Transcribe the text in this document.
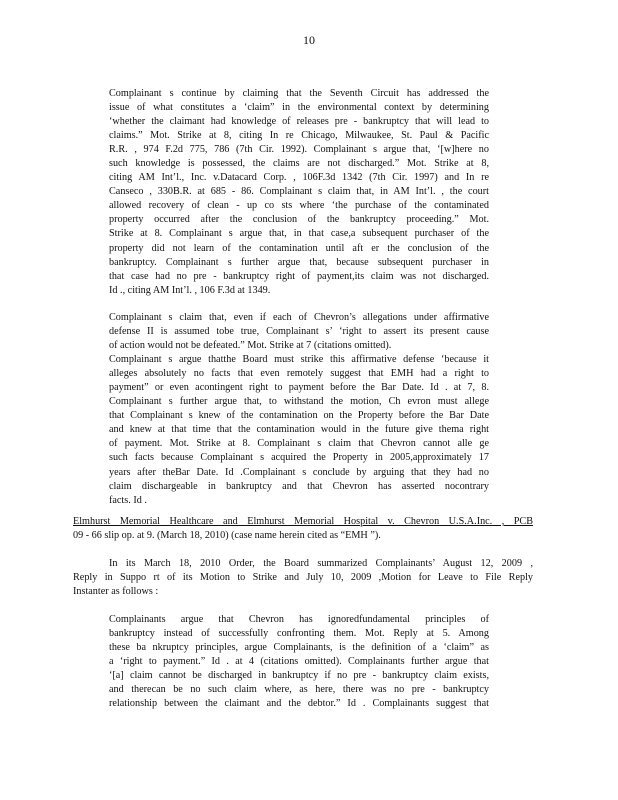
10
Complainant s continue by claiming that the Seventh Circuit has addressed the
issue of what constitutes a ‘claim” in the environmental context by determining
‘whether the claimant had knowledge of releases pre - bankruptcy that will lead to
claims.” Mot. Strike at 8, citing In re Chicago, Milwaukee, St. Paul & Pacific
R.R. , 974 F.2d 775, 786 (7th Cir. 1992). Complainant s argue that, ‘[w]here no
such knowledge is possessed, the claims are not discharged.” Mot. Strike at 8,
citing AM Int’l., Inc. v.Datacard Corp. , 106F.3d 1342 (7th Cir. 1997) and In re
Canseco , 330B.R. at 685 - 86. Complainant s claim that, in AM Int’l. , the court
allowed recovery of clean - up co sts where ‘the purchase of the contaminated
property occurred after the conclusion of the bankruptcy proceeding.” Mot.
Strike at 8. Complainant s argue that, in that case,a subsequent purchaser of the
property did not learn of the contamination until aft er the conclusion of the
bankruptcy. Complainant s further argue that, because subsequent purchaser in
that case had no pre - bankruptcy right of payment,its claim was not discharged.
Id ., citing AM Int’l. , 106 F.3d at 1349.
Complainant s claim that, even if each of Chevron’s allegations under affirmative
defense II is assumed tobe true, Complainant s’ ‘right to assert its present cause
of action would not be defeated.” Mot. Strike at 7 (citations omitted).
Complainant s argue thatthe Board must strike this affirmative defense ‘because it
alleges absolutely no facts that even remotely suggest that EMH had a right to
payment” or even acontingent right to payment before the Bar Date. Id . at 7, 8.
Complainant s further argue that, to withstand the motion, Ch evron must allege
that Complainant s knew of the contamination on the Property before the Bar Date
and knew at that time that the contamination would in the future give thema right
of payment. Mot. Strike at 8. Complainant s claim that Chevron cannot alle ge
such facts because Complainant s acquired the Property in 2005,approximately 17
years after theBar Date. Id .Complainant s conclude by arguing that they had no
claim dischargeable in bankruptcy and that Chevron has asserted nocontrary
facts. Id .
Elmhurst Memorial Healthcare and Elmhurst Memorial Hospital v. Chevron U.S.A.Inc. , PCB
09 - 66 slip op. at 9. (March 18, 2010) (case name herein cited as “EMH ”).
In its March 18, 2010 Order, the Board summarized Complainants’ August 12, 2009 ,
Reply in Suppo rt of its Motion to Strike and July 10, 2009 ,Motion for Leave to File Reply
Instanter as follows :
Complainants argue that Chevron has ignoredfundamental principles of
bankruptcy instead of successfully confronting them. Mot. Reply at 5. Among
these ba nkruptcy principles, argue Complainants, is the definition of a ‘claim” as
a ‘right to payment.” Id . at 4 (citations omitted). Complainants further argue that
‘[a] claim cannot be discharged in bankruptcy if no pre - bankruptcy claim exists,
and therecan be no such claim where, as here, there was no pre - bankruptcy
relationship between the claimant and the debtor.” Id . Complainants suggest that
